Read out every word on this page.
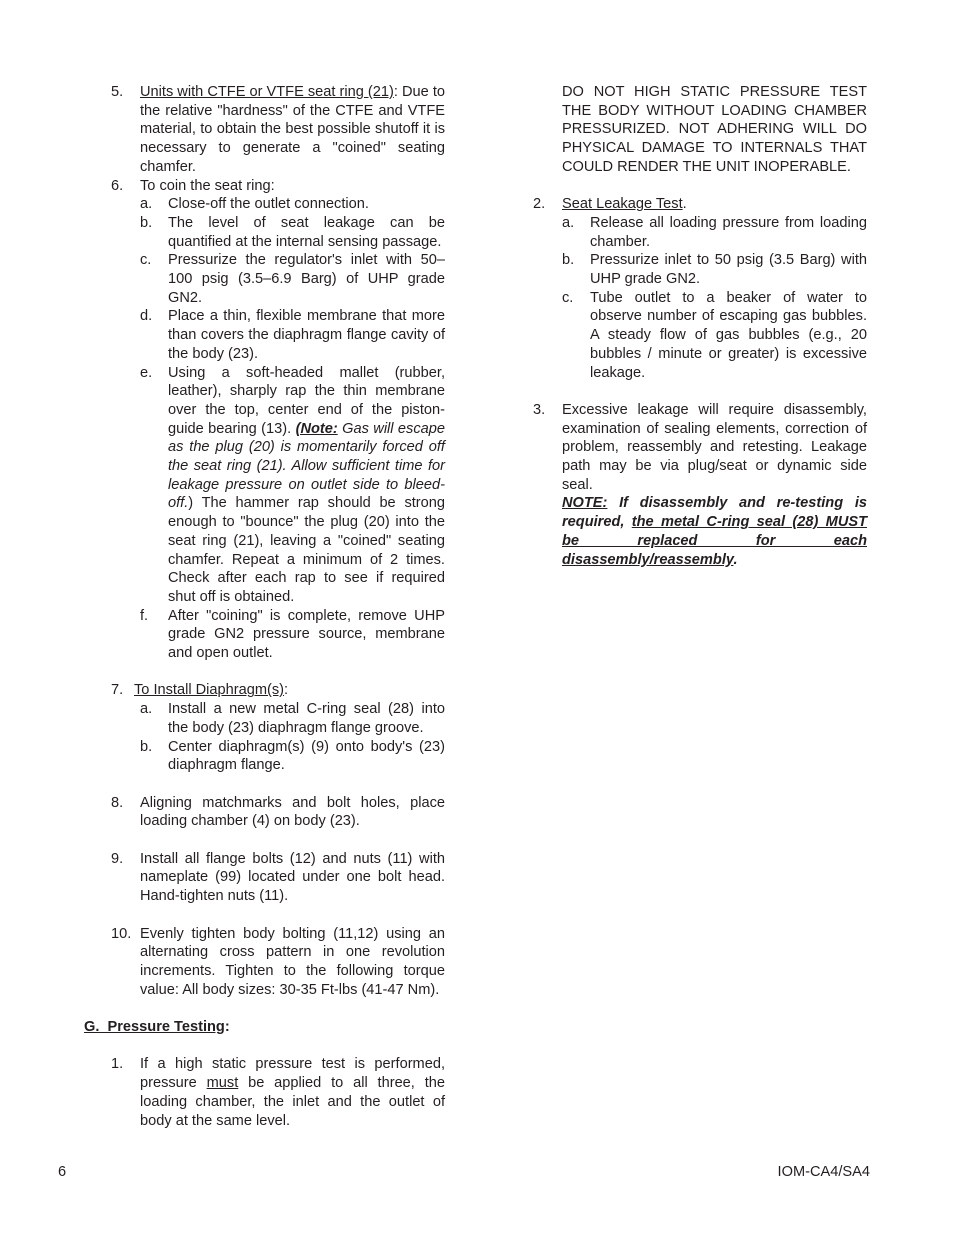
5. Units with CTFE or VTFE seat ring (21): Due to the relative "hardness" of the CTFE and VTFE material, to obtain the best possible shutoff it is necessary to generate a "coined" seating chamfer.
6. To coin the seat ring:
a. Close-off the outlet connection.
b. The level of seat leakage can be quantified at the internal sensing passage.
c. Pressurize the regulator's inlet with 50–100 psig (3.5–6.9 Barg) of UHP grade GN2.
d. Place a thin, flexible membrane that more than covers the diaphragm flange cavity of the body (23).
e. Using a soft-headed mallet (rubber, leather), sharply rap the thin membrane over the top, center end of the piston-guide bearing (13). (Note: Gas will escape as the plug (20) is momentarily forced off the seat ring (21). Allow sufficient time for leakage pressure on outlet side to bleed-off.) The hammer rap should be strong enough to "bounce" the plug (20) into the seat ring (21), leaving a "coined" seating chamfer. Repeat a minimum of 2 times. Check after each rap to see if required shut off is obtained.
f. After "coining" is complete, remove UHP grade GN2 pressure source, membrane and open outlet.
7. To Install Diaphragm(s):
a. Install a new metal C-ring seal (28) into the body (23) diaphragm flange groove.
b. Center diaphragm(s) (9) onto body's (23) diaphragm flange.
8. Aligning matchmarks and bolt holes, place loading chamber (4) on body (23).
9. Install all flange bolts (12) and nuts (11) with nameplate (99) located under one bolt head. Hand-tighten nuts (11).
10. Evenly tighten body bolting (11,12) using an alternating cross pattern in one revolution increments. Tighten to the following torque value: All body sizes: 30-35 Ft-lbs (41-47 Nm).
G. Pressure Testing:
1. If a high static pressure test is performed, pressure must be applied to all three, the loading chamber, the inlet and the outlet of body at the same level.
DO NOT HIGH STATIC PRESSURE TEST THE BODY WITHOUT LOADING CHAMBER PRESSURIZED. NOT ADHERING WILL DO PHYSICAL DAMAGE TO INTERNALS THAT COULD RENDER THE UNIT INOPERABLE.
2. Seat Leakage Test.
a. Release all loading pressure from loading chamber.
b. Pressurize inlet to 50 psig (3.5 Barg) with UHP grade GN2.
c. Tube outlet to a beaker of water to observe number of escaping gas bubbles. A steady flow of gas bubbles (e.g., 20 bubbles / minute or greater) is excessive leakage.
3. Excessive leakage will require disassembly, examination of sealing elements, correction of problem, reassembly and retesting. Leakage path may be via plug/seat or dynamic side seal.
NOTE: If disassembly and re-testing is required, the metal C-ring seal (28) MUST be replaced for each disassembly/reassembly.
6	IOM-CA4/SA4
